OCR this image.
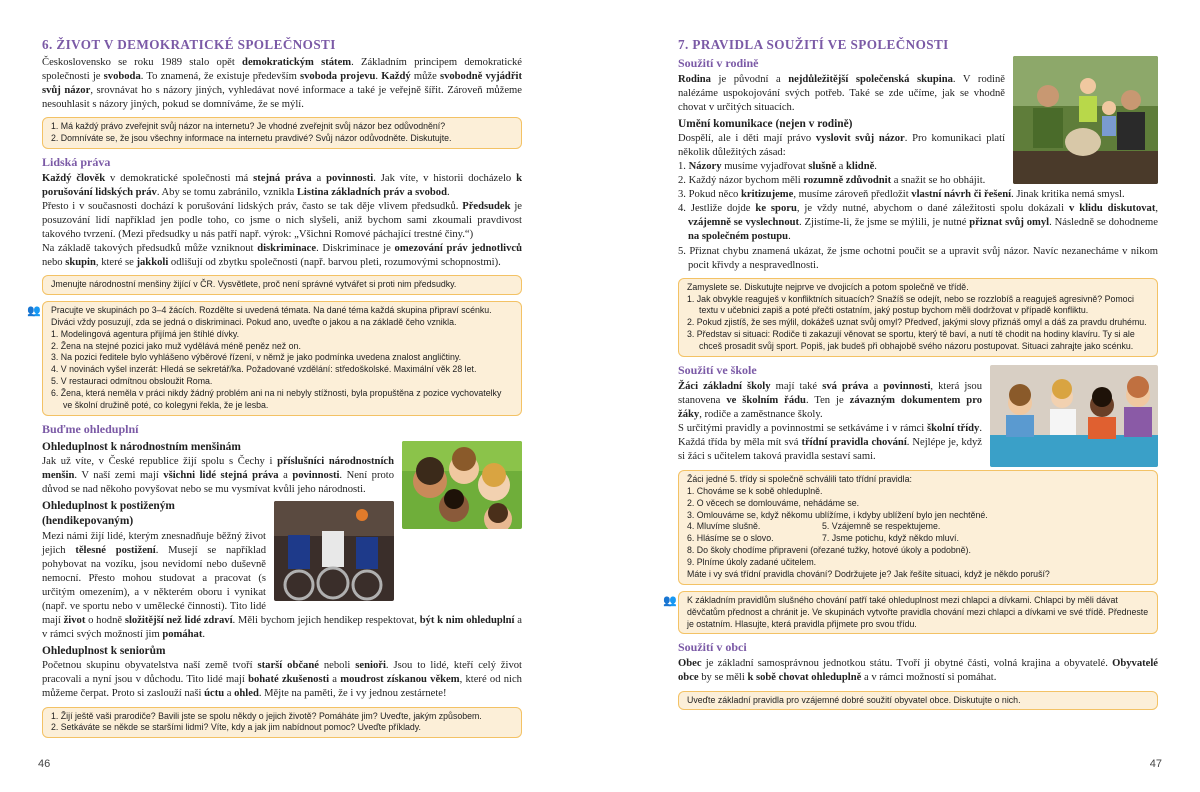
6. ŽIVOT V DEMOKRATICKÉ SPOLEČNOSTI

Československo se roku 1989 stalo opět demokratickým státem. Základním principem demokratické společnosti je svoboda. To znamená, že existuje především svoboda projevu. Každý může svobodně vyjádřit svůj názor, srovnávat ho s názory jiných, vyhledávat nové informace a také je veřejně šířit. Zároveň můžeme nesouhlasit s názory jiných, pokud se domníváme, že se mýlí.

1. Má každý právo zveřejnit svůj názor na internetu? Je vhodné zveřejnit svůj názor bez odůvodnění?

2. Domníváte se, že jsou všechny informace na internetu pravdivé? Svůj názor odůvodněte. Diskutujte.

Lidská práva

Každý člověk v demokratické společnosti má stejná práva a povinnosti. Jak víte, v historii docházelo k porušování lidských práv. Aby se tomu zabránilo, vznikla Listina základních práv a svobod.

Přesto i v současnosti dochází k porušování lidských práv, často se tak děje vlivem předsudků. Předsudek je posuzování lidí například jen podle toho, co jsme o nich slyšeli, aniž bychom sami zkoumali pravdivost takového tvrzení. (Mezi předsudky u nás patří např. výrok: „Všichni Romové páchající trestné činy.“)

Na základě takových předsudků může vzniknout diskriminace. Diskriminace je omezování práv jednotlivců nebo skupin, které se jakkoli odlišují od zbytku společnosti (např. barvou pleti, rozumovými schopnostmi).

Jmenujte národnostní menšiny žijící v ČR. Vysvětlete, proč není správné vytvářet si proti nim předsudky.

👥 Pracujte ve skupinách po 3–4 žácích. Rozdělte si uvedená témata. Na dané téma každá skupina připraví scénku. Diváci vždy posuzují, zda se jedná o diskriminaci. Pokud ano, uveďte o jakou a na základě čeho vznikla.

1. Modelingová agentura přijímá jen štíhlé dívky.
2. Žena na stejné pozici jako muž vydělává méně peněz než on.
3. Na pozici ředitele bylo vyhlášeno výběrové řízení, v němž je jako podmínka uvedena znalost angličtiny.
4. V novinách vyšel inzerát: Hledá se sekretář/ka. Požadované vzdělání: středoškolské. Maximální věk 28 let.
5. V restauraci odmítnou obsloužit Roma.
6. Žena, která neměla v práci nikdy žádný problém ani na ni nebyly stížnosti, byla propuštěna z pozice vychovatelky ve školní družině poté, co kolegyni řekla, že je lesba.
Buďme ohleduplní
Ohleduplnost k národnostním menšinám

Jak už víte, v České republice žijí spolu s Čechy i příslušníci národnostních menšin. V naší zemi mají všichni lidé stejná práva a povinnosti. Není proto důvod se nad někoho povyšovat nebo se mu vysmívat kvůli jeho národnosti.

Ohleduplnost k postiženým (hendikepovaným)

Mezi námi žijí lidé, kterým znesnadňuje běžný život jejich tělesné postižení. Musejí se například pohybovat na vozíku, jsou nevidomí nebo duševně nemocní. Přesto mohou studovat a pracovat (s určitým omezením), a v některém oboru i vynikat (např. ve sportu nebo v umělecké činnosti). Tito lidé mají život o hodně složitější než lidé zdraví. Měli bychom jejich hendikep respektovat, být k nim ohleduplní a v rámci svých možností jim pomáhat.

Ohleduplnost k seniorům

Početnou skupinu obyvatelstva naší země tvoří starší občané neboli senioři. Jsou to lidé, kteří celý život pracovali a nyní jsou v důchodu. Tito lidé mají bohaté zkušenosti a moudrost získanou věkem, které od nich můžeme čerpat. Proto si zaslouží naši úctu a ohled. Mějte na paměti, že i vy jednou zestárnete!

1. Žijí ještě vaši prarodiče? Bavili jste se spolu někdy o jejich životě? Pomáháte jim? Uveďte, jakým způsobem.

2. Setkáváte se někde se staršími lidmi? Víte, kdy a jak jim nabídnout pomoc? Uveďte příklady.

46
7. PRAVIDLA SOUŽITÍ VE SPOLEČNOSTI
Soužití v rodině

Rodina je původní a nejdůležitější společenská skupina. V rodině nalézáme uspokojování svých potřeb. Také se zde učíme, jak se vhodně chovat v určitých situacích.

Umění komunikace (nejen v rodině)

Dospělí, ale i děti mají právo vyslovit svůj názor. Pro komunikaci platí několik důležitých zásad:

1. Názory musíme vyjadřovat slušně a klidně.

2. Každý názor bychom měli rozumně zdůvodnit a snažit se ho obhájit.

3. Pokud něco kritizujeme, musíme zároveň předložit vlastní návrh či řešení. Jinak kritika nemá smysl.

4. Jestliže dojde ke sporu, je vždy nutné, abychom o dané záležitosti spolu dokázali v klidu diskutovat, vzájemně se vyslechnout. Zjistíme-li, že jsme se mýlili, je nutné přiznat svůj omyl. Následně se dohodneme na společném postupu.

5. Přiznat chybu znamená ukázat, že jsme ochotni poučit se a upravit svůj názor. Navíc nezanecháme v nikom pocit křivdy a nespravedlnosti.

Zamyslete se. Diskutujte nejprve ve dvojicích a potom společně ve třídě.

1. Jak obvykle reaguješ v konfliktních situacích? Snažíš se odejít, nebo se rozzlobíš a reaguješ agresivně? Pomoci textu v učebnici zapiš a poté přečti ostatním, jaký postup bychom měli dodržovat v případě konfliktu.
2. Pokud zjistíš, že ses mýlil, dokážeš uznat svůj omyl? Předveď, jakými slovy přiznáš omyl a dáš za pravdu druhému.
3. Představ si situaci: Rodiče ti zakazují věnovat se sportu, který tě baví, a nutí tě chodit na hodiny klavíru. Ty si ale chceš prosadit svůj sport. Popiš, jak budeš při obhajobě svého názoru postupovat. Situaci zahrajte jako scénku.
Soužití ve škole

Žáci základní školy mají také svá práva a povinnosti, která jsou stanovena ve školním řádu. Ten je závazným dokumentem pro žáky, rodiče a zaměstnance školy.

S určitými pravidly a povinnostmi se setkáváme i v rámci školní třídy. Každá třída by měla mít svá třídní pravidla chování. Nejlépe je, když si žáci s učitelem taková pravidla sestaví sami.

Žáci jedné 5. třídy si společně schválili tato třídní pravidla:

1. Chováme se k sobě ohleduplně.
2. O věcech se domlouváme, nehádáme se.
3. Omlouváme se, když někomu ublížíme, i kdyby ublížení bylo jen nechtěné.
4. Mluvíme slušně.
6. Hlásíme se o slovo.
5. Vzájemně se respektujeme.
7. Jsme potichu, když někdo mluví.
8. Do školy chodíme připraveni (ořezané tužky, hotové úkoly a podobně).
9. Plníme úkoly zadané učitelem.

Máte i vy svá třídní pravidla chování? Dodržujete je? Jak řešíte situaci, když je někdo poruší?

👥 K základním pravidlům slušného chování patří také ohleduplnost mezi chlapci a dívkami. Chlapci by měli dávat děvčatům přednost a chránit je. Ve skupinách vytvořte pravidla chování mezi chlapci a dívkami ve své třídě. Předneste je ostatním. Hlasujte, která pravidla přijmete pro svou třídu.

Soužití v obci

Obec je základní samosprávnou jednotkou státu. Tvoří ji obytné části, volná krajina a obyvatelé. Obyvatelé obce by se měli k sobě chovat ohleduplně a v rámci možností si pomáhat.

Uveďte základní pravidla pro vzájemné dobré soužití obyvatel obce. Diskutujte o nich.

47
